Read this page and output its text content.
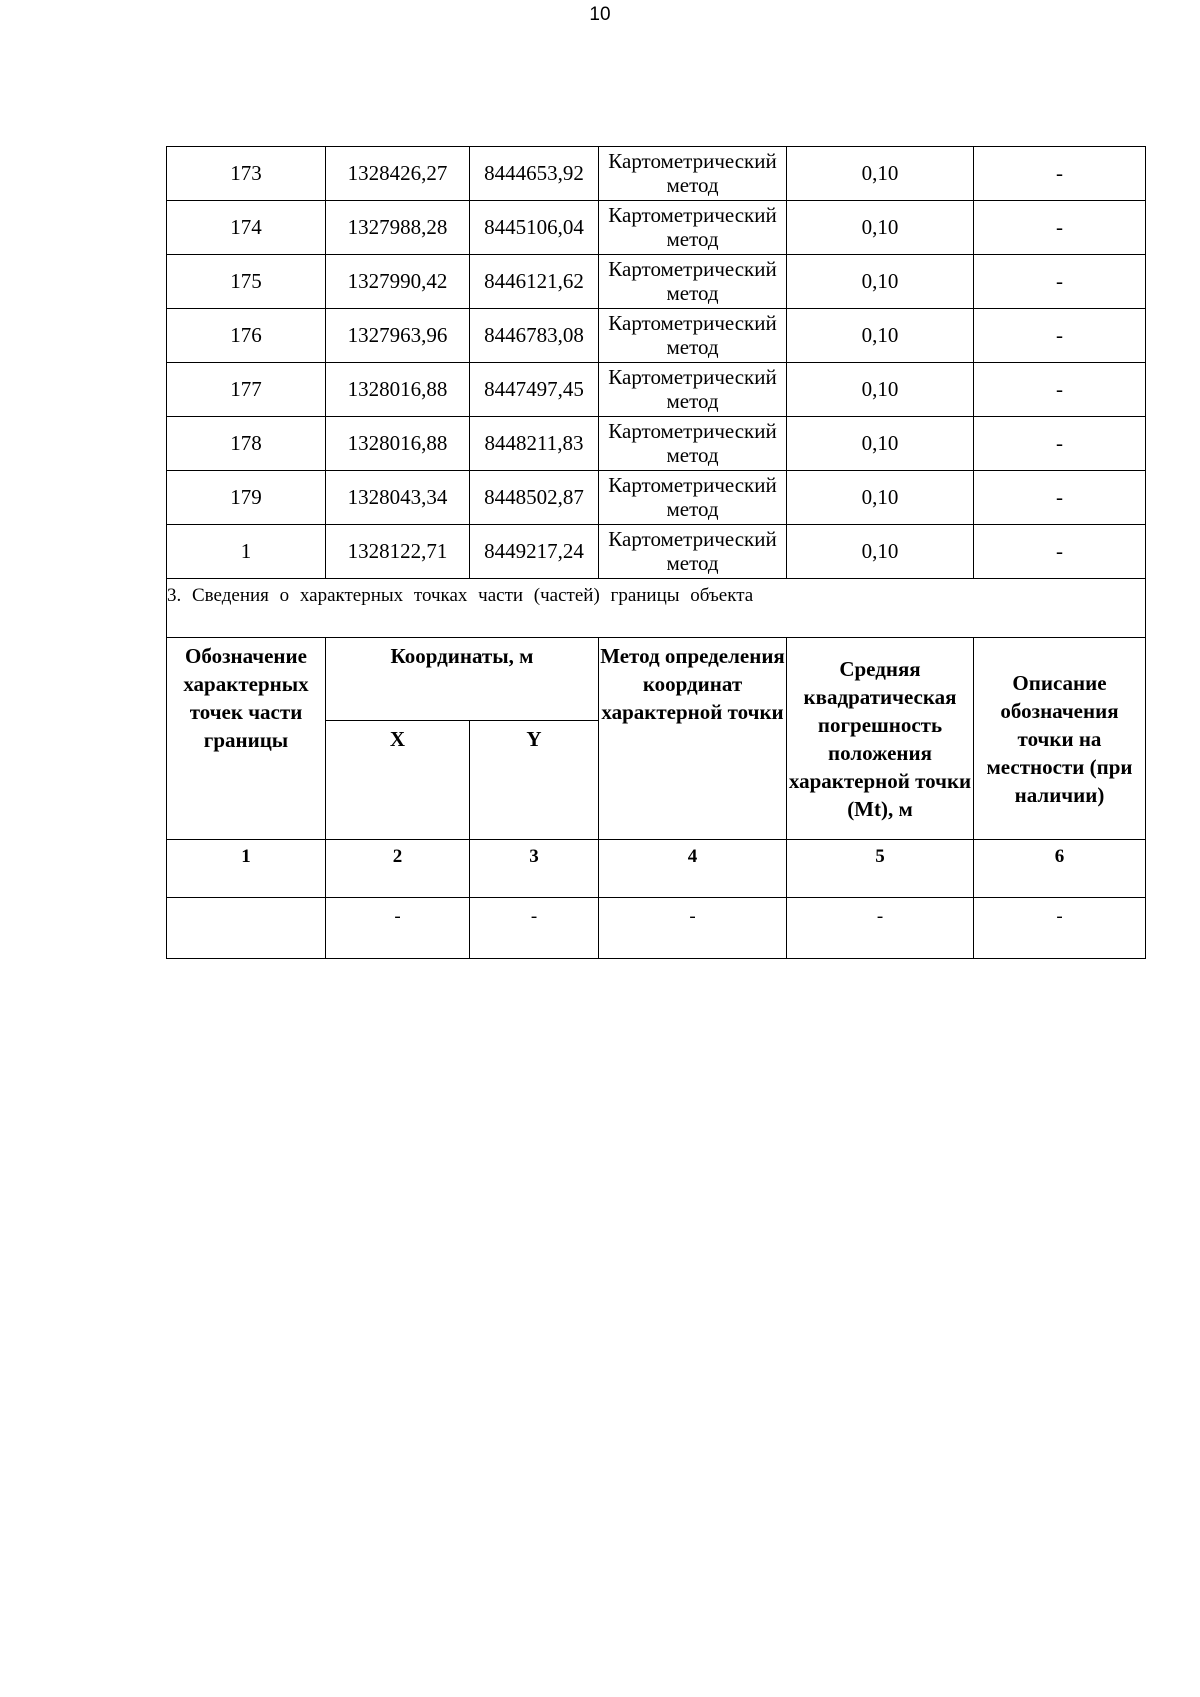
10
173	1328426,27	8444653,92	Картометрический метод	0,10	-
174	1327988,28	8445106,04	Картометрический метод	0,10	-
175	1327990,42	8446121,62	Картометрический метод	0,10	-
176	1327963,96	8446783,08	Картометрический метод	0,10	-
177	1328016,88	8447497,45	Картометрический метод	0,10	-
178	1328016,88	8448211,83	Картометрический метод	0,10	-
179	1328043,34	8448502,87	Картометрический метод	0,10	-
1	1328122,71	8449217,24	Картометрический метод	0,10	-
3. Сведения о характерных точках части (частей) границы объекта					
Обозначение характерных точек части границы	Координаты, м		Метод определения координат характерной точки	Средняя квадратическая погрешность положения характерной точки (Mt), м	Описание обозначения точки на местности (при наличии)
	X	Y			
1	2	3	4	5	6
	-	-	-	-	-
